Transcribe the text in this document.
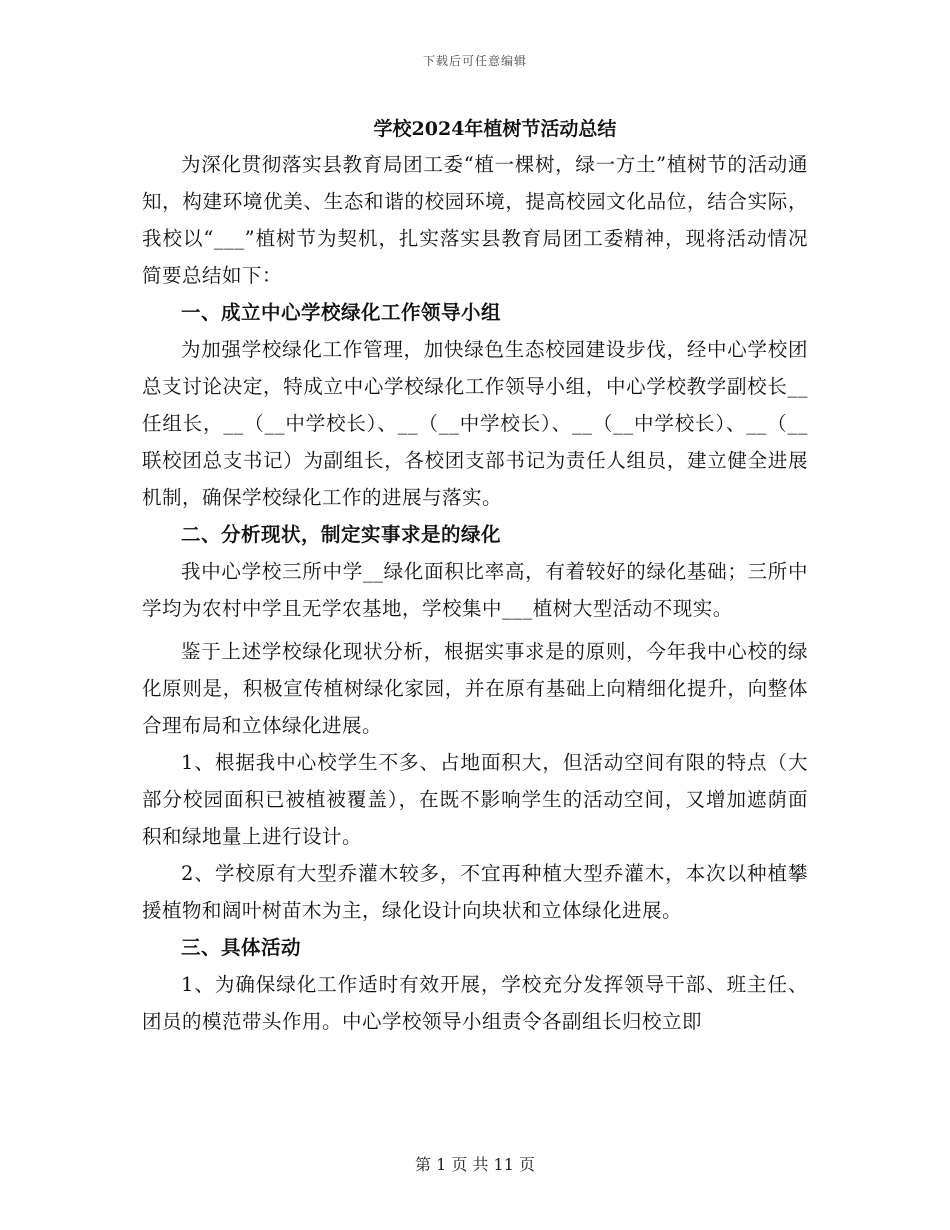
下载后可任意编辑
学校2024年植树节活动总结

为深化贯彻落实县教育局团工委“植一棵树，绿一方土”植树节的活动通知，构建环境优美、生态和谐的校园环境，提高校园文化品位，结合实际，我校以“___”植树节为契机，扎实落实县教育局团工委精神，现将活动情况简要总结如下：

一、成立中心学校绿化工作领导小组

为加强学校绿化工作管理，加快绿色生态校园建设步伐，经中心学校团总支讨论决定，特成立中心学校绿化工作领导小组，中心学校教学副校长__任组长，__（__中学校长）、__（__中学校长）、__（__中学校长）、__（__联校团总支书记）为副组长，各校团支部书记为责任人组员，建立健全进展机制，确保学校绿化工作的进展与落实。

二、分析现状，制定实事求是的绿化

我中心学校三所中学__绿化面积比率高，有着较好的绿化基础；三所中学均为农村中学且无学农基地，学校集中___植树大型活动不现实。

鉴于上述学校绿化现状分析，根据实事求是的原则，今年我中心校的绿化原则是，积极宣传植树绿化家园，并在原有基础上向精细化提升，向整体合理布局和立体绿化进展。

1、根据我中心校学生不多、占地面积大，但活动空间有限的特点（大部分校园面积已被植被覆盖），在既不影响学生的活动空间，又增加遮荫面积和绿地量上进行设计。

2、学校原有大型乔灌木较多，不宜再种植大型乔灌木，本次以种植攀援植物和阔叶树苗木为主，绿化设计向块状和立体绿化进展。

三、具体活动

1、为确保绿化工作适时有效开展，学校充分发挥领导干部、班主任、团员的模范带头作用。中心学校领导小组责令各副组长归校立即

第 1 页 共 11 页
